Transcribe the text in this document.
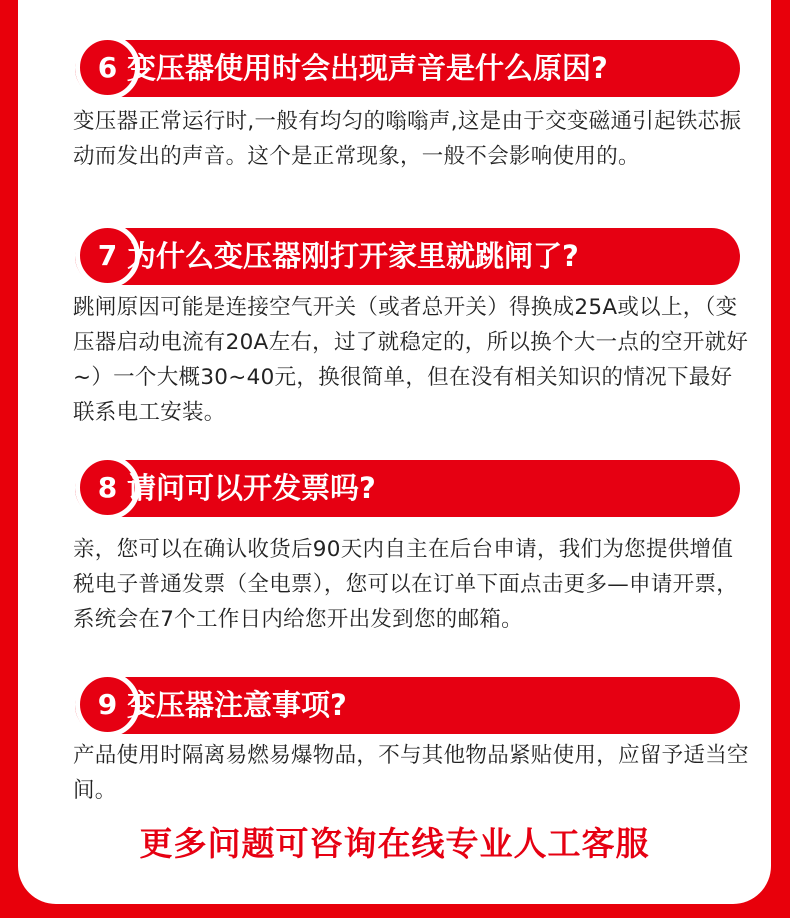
6 变压器使用时会出现声音是什么原因?
变压器正常运行时,一般有均匀的嗡嗡声,这是由于交变磁通引起铁芯振动而发出的声音。这个是正常现象，一般不会影响使用的。
7 为什么变压器刚打开家里就跳闸了?
跳闸原因可能是连接空气开关（或者总开关）得换成25A或以上，（变压器启动电流有20A左右，过了就稳定的，所以换个大一点的空开就好~）一个大概30~40元，换很简单，但在没有相关知识的情况下最好联系电工安装。
8 请问可以开发票吗?
亲，您可以在确认收货后90天内自主在后台申请，我们为您提供增值税电子普通发票（全电票），您可以在订单下面点击更多—申请开票，系统会在7个工作日内给您开出发到您的邮箱。
9 变压器注意事项?
产品使用时隔离易燃易爆物品，不与其他物品紧贴使用，应留予适当空间。
更多问题可咨询在线专业人工客服
